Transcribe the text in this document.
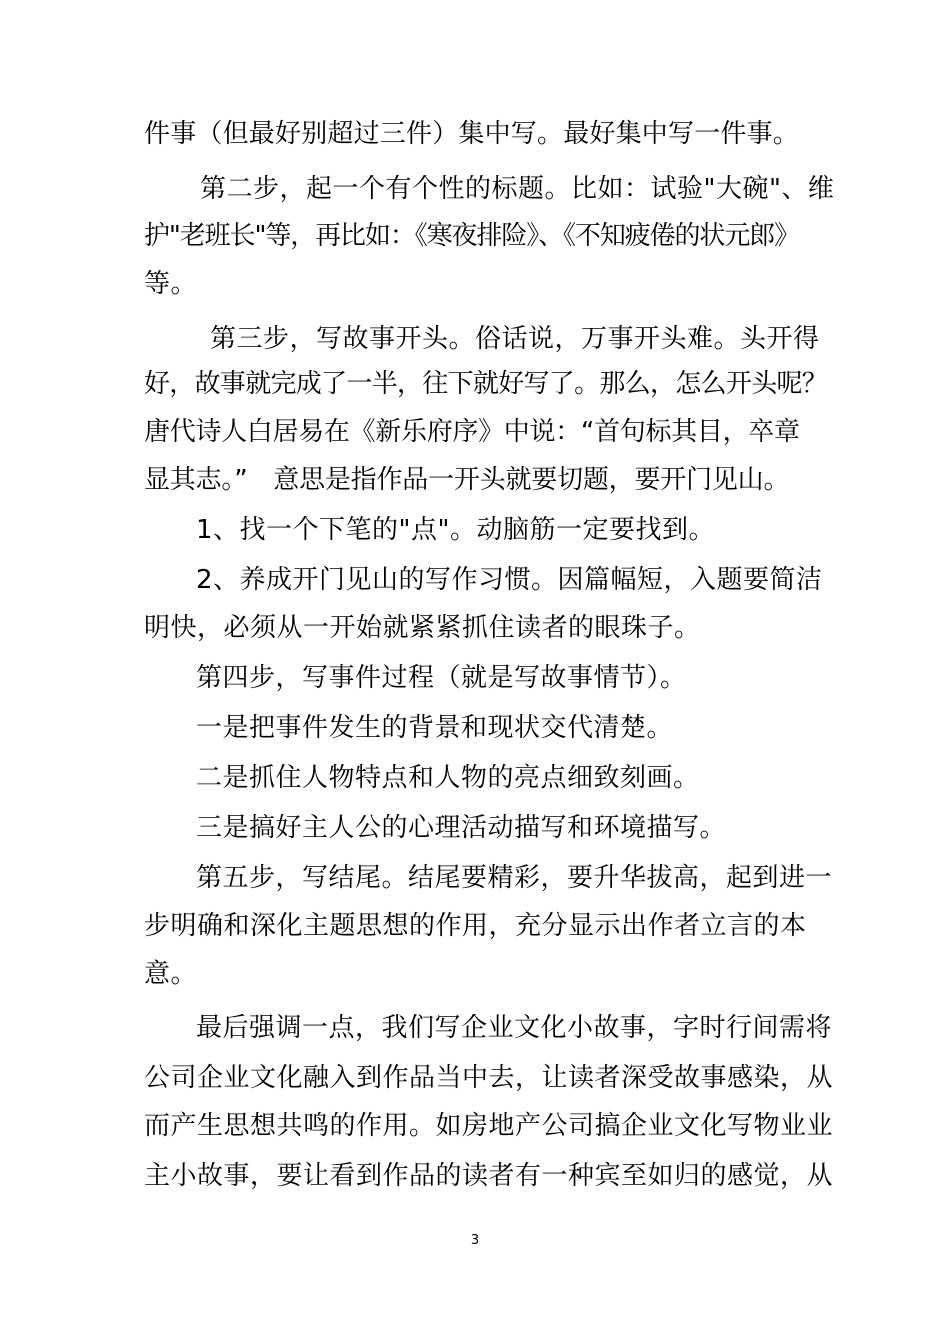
件事（但最好别超过三件）集中写。最好集中写一件事。
第二步，起一个有个性的标题。比如：试验"大碗"、维
护"老班长"等，再比如：《寒夜排险》、《不知疲倦的状元郎》
等。
第三步，写故事开头。俗话说，万事开头难。头开得
好，故事就完成了一半，往下就好写了。那么，怎么开头呢？
唐代诗人白居易在《新乐府序》中说：“首句标其目，卒章
显其志。”　意思是指作品一开头就要切题，要开门见山。
1、找一个下笔的"点"。动脑筋一定要找到。
2、养成开门见山的写作习惯。因篇幅短，入题要简洁
明快，必须从一开始就紧紧抓住读者的眼珠子。
第四步，写事件过程（就是写故事情节）。
一是把事件发生的背景和现状交代清楚。
二是抓住人物特点和人物的亮点细致刻画。
三是搞好主人公的心理活动描写和环境描写。
第五步，写结尾。结尾要精彩，要升华拔高，起到进一
步明确和深化主题思想的作用，充分显示出作者立言的本
意。
最后强调一点，我们写企业文化小故事，字时行间需将
公司企业文化融入到作品当中去，让读者深受故事感染，从
而产生思想共鸣的作用。如房地产公司搞企业文化写物业业
主小故事，要让看到作品的读者有一种宾至如归的感觉，从
3
